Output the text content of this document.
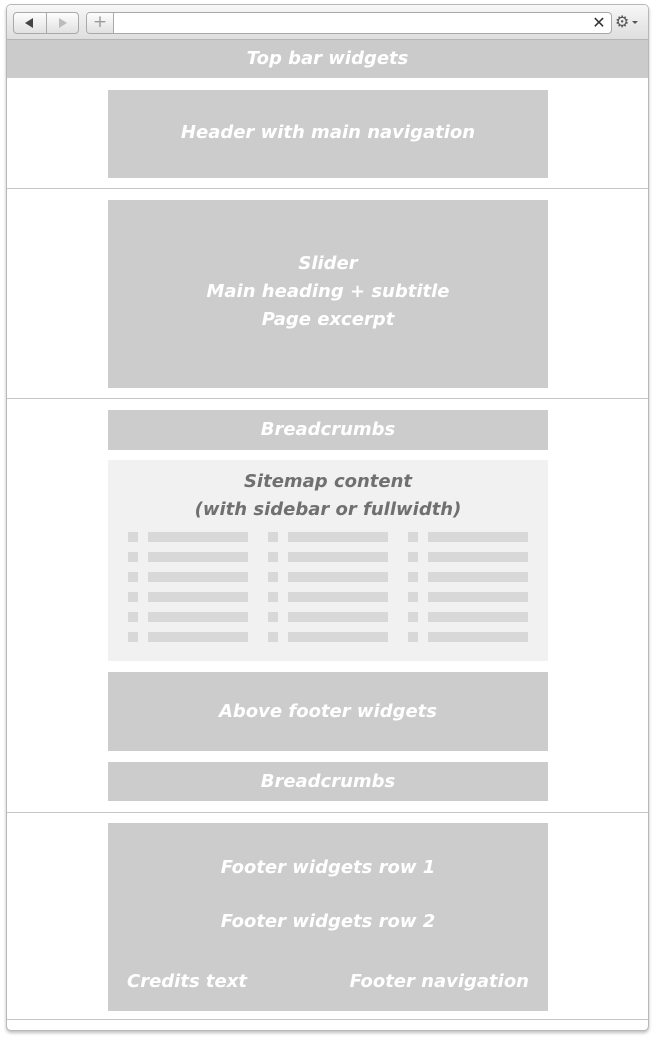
+	✕ ⚙
Top bar widgets
Header with main navigation
Slider
Main heading + subtitle
Page excerpt
Breadcrumbs
Sitemap content
(with sidebar or fullwidth)
Above footer widgets
Breadcrumbs
Footer widgets row 1
Footer widgets row 2
Credits text	Footer navigation
